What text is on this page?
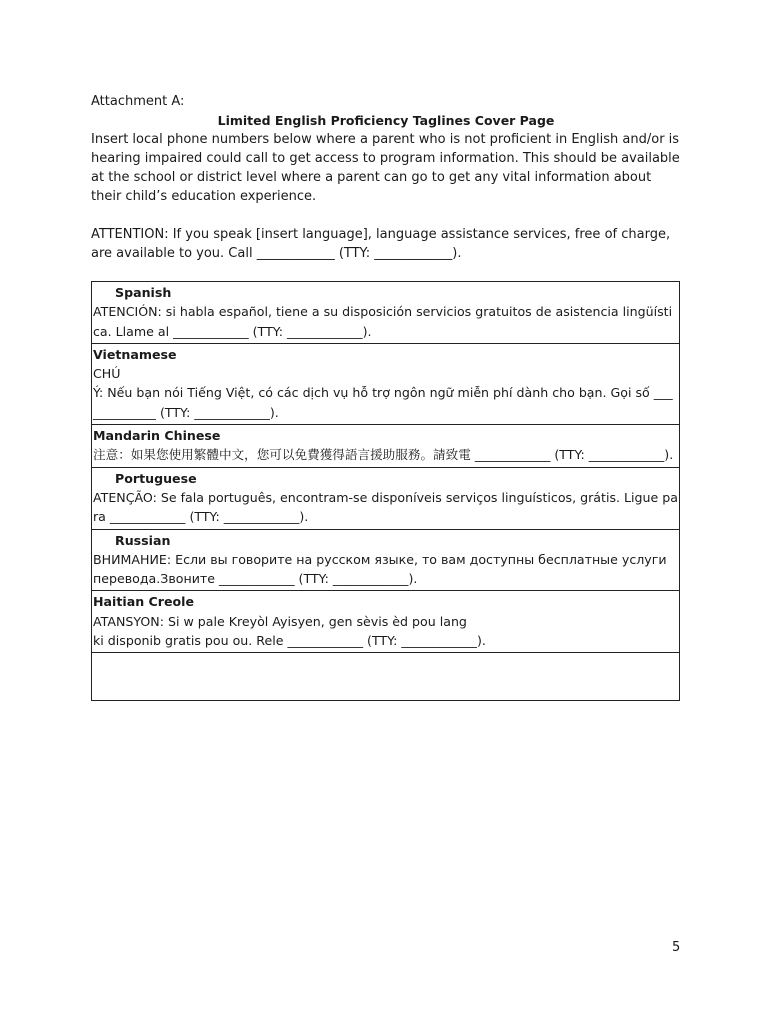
Attachment A:

Limited English Proficiency Taglines Cover Page

Insert local phone numbers below where a parent who is not proficient in English and/or is hearing impaired could call to get access to program information. This should be available at the school or district level where a parent can go to get any vital information about their child’s education experience.

ATTENTION: If you speak [insert language], language assistance services, free of charge, are available to you. Call ____________ (TTY: ____________).

Spanish
ATENCIÓN: si habla español, tiene a su disposición servicios gratuitos de asistencia lingüística. Llame al ____________ (TTY: ____________).

Vietnamese
CHÚ
Ý: Nếu bạn nói Tiếng Việt, có các dịch vụ hỗ trợ ngôn ngữ miễn phí dành cho bạn. Gọi số _____________ (TTY: ____________).

Mandarin Chinese
注意：如果您使用繁體中文，您可以免費獲得語言援助服務。請致電 ____________ (TTY: ____________).

Portuguese
ATENÇÃO: Se fala português, encontram-se disponíveis serviços linguísticos, grátis. Ligue para ____________ (TTY: ____________).

Russian
ВНИМАНИЕ: Если вы говорите на русском языке, то вам доступны бесплатные услуги перевода.Звоните ____________ (TTY: ____________).

Haitian Creole
ATANSYON: Si w pale Kreyòl Ayisyen, gen sèvis èd pou lang
ki disponib gratis pou ou. Rele ____________ (TTY: ____________).

5
